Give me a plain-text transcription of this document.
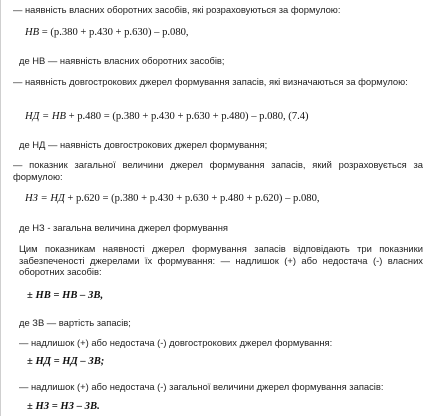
— наявність власних оборотних засобів, які розраховуються за формулою:
НВ = (р.380 + р.430 + р.630) – р.080,
де НВ — наявність власних оборотних засобів;
— наявність довгострокових джерел формування запасів, які визначаються за формулою:
НД = НВ + р.480 = (р.380 + р.430 + р.630 + р.480) – р.080, (7.4)
де НД — наявність довгострокових джерел формування;
— показник загальної величини джерел формування запасів, який розраховується за формулою:
НЗ = НД + р.620 = (р.380 + р.430 + р.630 + р.480 + р.620) – р.080,
де НЗ - загальна величина джерел формування
Цим показникам наявності джерел формування запасів відповідають три показники забезпеченості джерелами їх формування: — надлишок (+) або недостача (-) власних оборотних засобів:
± НВ = НВ – ЗВ,
де ЗВ — вартість запасів;
— надлишок (+) або недостача (-) довгострокових джерел формування:
± НД = НД – ЗВ;
— надлишок (+) або недостача (-) загальної величини джерел формування запасів:
± НЗ = НЗ – ЗВ.
